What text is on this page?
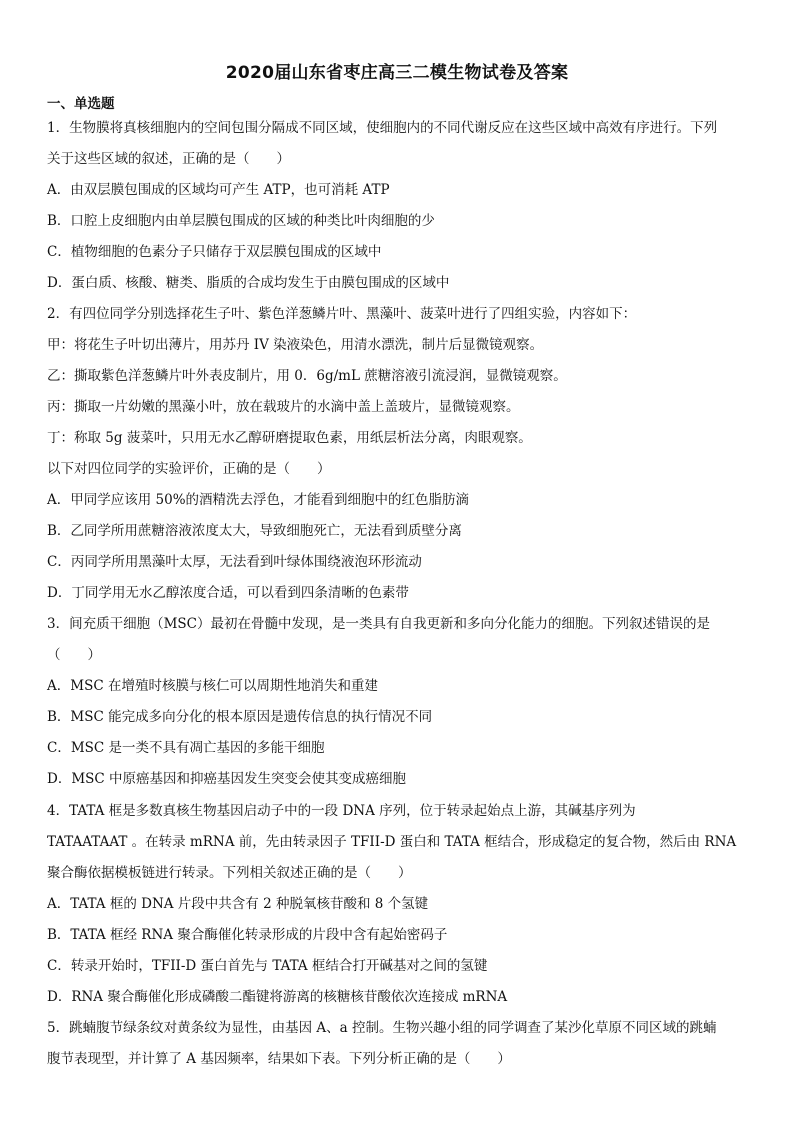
2020届山东省枣庄高三二模生物试卷及答案
一、单选题
1．生物膜将真核细胞内的空间包围分隔成不同区域，使细胞内的不同代谢反应在这些区域中高效有序进行。下列
关于这些区域的叙述，正确的是（　　）
A．由双层膜包围成的区域均可产生 ATP，也可消耗 ATP
B．口腔上皮细胞内由单层膜包围成的区域的种类比叶肉细胞的少
C．植物细胞的色素分子只储存于双层膜包围成的区域中
D．蛋白质、核酸、糖类、脂质的合成均发生于由膜包围成的区域中
2．有四位同学分别选择花生子叶、紫色洋葱鳞片叶、黑藻叶、菠菜叶进行了四组实验，内容如下：
甲：将花生子叶切出薄片，用苏丹 IV 染液染色，用清水漂洗，制片后显微镜观察。
乙：撕取紫色洋葱鳞片叶外表皮制片，用 0．6g/mL 蔗糖溶液引流浸润，显微镜观察。
丙：撕取一片幼嫩的黑藻小叶，放在载玻片的水滴中盖上盖玻片，显微镜观察。
丁：称取 5g 菠菜叶，只用无水乙醇研磨提取色素，用纸层析法分离，肉眼观察。
以下对四位同学的实验评价，正确的是（　　）
A．甲同学应该用 50%的酒精洗去浮色，才能看到细胞中的红色脂肪滴
B．乙同学所用蔗糖溶液浓度太大，导致细胞死亡，无法看到质壁分离
C．丙同学所用黑藻叶太厚，无法看到叶绿体围绕液泡环形流动
D．丁同学用无水乙醇浓度合适，可以看到四条清晰的色素带
3．间充质干细胞（MSC）最初在骨髓中发现，是一类具有自我更新和多向分化能力的细胞。下列叙述错误的是
（　　）
A．MSC 在增殖时核膜与核仁可以周期性地消失和重建
B．MSC 能完成多向分化的根本原因是遗传信息的执行情况不同
C．MSC 是一类不具有凋亡基因的多能干细胞
D．MSC 中原癌基因和抑癌基因发生突变会使其变成癌细胞
4．TATA 框是多数真核生物基因启动子中的一段 DNA 序列，位于转录起始点上游，其碱基序列为
TATAATAAT 。在转录 mRNA 前，先由转录因子 TFII-D 蛋白和 TATA 框结合，形成稳定的复合物，然后由 RNA
聚合酶依据模板链进行转录。下列相关叙述正确的是（　　）
A．TATA 框的 DNA 片段中共含有 2 种脱氧核苷酸和 8 个氢键
B．TATA 框经 RNA 聚合酶催化转录形成的片段中含有起始密码子
C．转录开始时，TFII-D 蛋白首先与 TATA 框结合打开碱基对之间的氢键
D．RNA 聚合酶催化形成磷酸二酯键将游离的核糖核苷酸依次连接成 mRNA
5．跳蝻腹节绿条纹对黄条纹为显性，由基因 A、a 控制。生物兴趣小组的同学调查了某沙化草原不同区域的跳蝻
腹节表现型，并计算了 A 基因频率，结果如下表。下列分析正确的是（　　）
